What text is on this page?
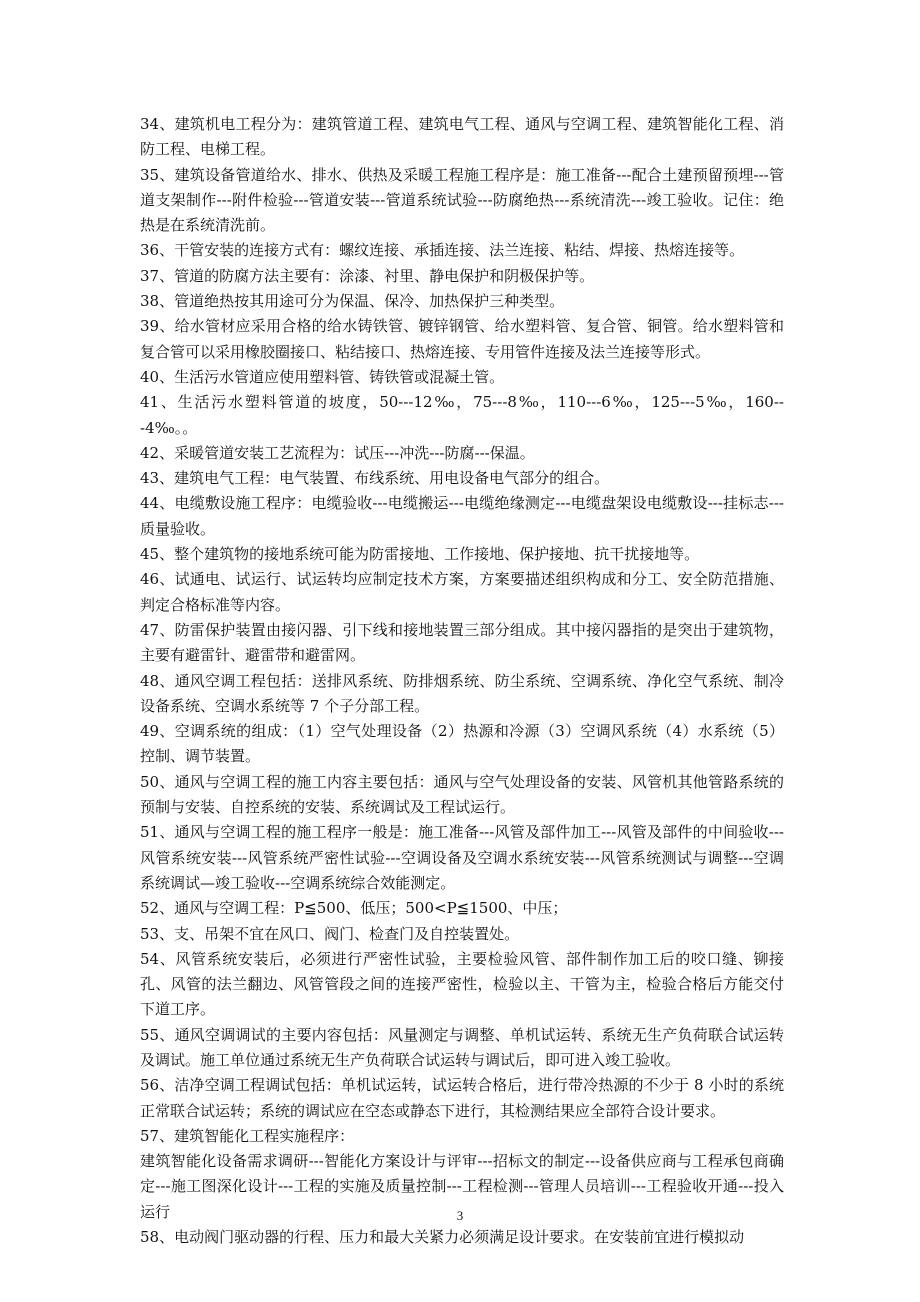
34、建筑机电工程分为：建筑管道工程、建筑电气工程、通风与空调工程、建筑智能化工程、消防工程、电梯工程。

35、建筑设备管道给水、排水、供热及采暖工程施工程序是：施工准备---配合土建预留预埋---管道支架制作---附件检验---管道安装---管道系统试验---防腐绝热---系统清洗---竣工验收。记住：绝热是在系统清洗前。

36、干管安装的连接方式有：螺纹连接、承插连接、法兰连接、粘结、焊接、热熔连接等。

37、管道的防腐方法主要有：涂漆、衬里、静电保护和阴极保护等。

38、管道绝热按其用途可分为保温、保冷、加热保护三种类型。

39、给水管材应采用合格的给水铸铁管、镀锌钢管、给水塑料管、复合管、铜管。给水塑料管和复合管可以采用橡胶圈接口、粘结接口、热熔连接、专用管件连接及法兰连接等形式。

40、生活污水管道应使用塑料管、铸铁管或混凝土管。

41、生活污水塑料管道的坡度，50---12‰，75---8‰，110---6‰，125---5‰，160---4‰。。

42、采暖管道安装工艺流程为：试压---冲洗---防腐---保温。

43、建筑电气工程：电气装置、布线系统、用电设备电气部分的组合。

44、电缆敷设施工程序：电缆验收---电缆搬运---电缆绝缘测定---电缆盘架设电缆敷设---挂标志---质量验收。

45、整个建筑物的接地系统可能为防雷接地、工作接地、保护接地、抗干扰接地等。

46、试通电、试运行、试运转均应制定技术方案，方案要描述组织构成和分工、安全防范措施、判定合格标准等内容。

47、防雷保护装置由接闪器、引下线和接地装置三部分组成。其中接闪器指的是突出于建筑物，主要有避雷针、避雷带和避雷网。

48、通风空调工程包括：送排风系统、防排烟系统、防尘系统、空调系统、净化空气系统、制冷设备系统、空调水系统等 7 个子分部工程。

49、空调系统的组成：（1）空气处理设备（2）热源和冷源（3）空调风系统（4）水系统（5）控制、调节装置。

50、通风与空调工程的施工内容主要包括：通风与空气处理设备的安装、风管机其他管路系统的预制与安装、自控系统的安装、系统调试及工程试运行。

51、通风与空调工程的施工程序一般是：施工准备---风管及部件加工---风管及部件的中间验收---风管系统安装---风管系统严密性试验---空调设备及空调水系统安装---风管系统测试与调整---空调系统调试—竣工验收---空调系统综合效能测定。

52、通风与空调工程：P≦500、低压；500<P≦1500、中压；

53、支、吊架不宜在风口、阀门、检查门及自控装置处。

54、风管系统安装后，必须进行严密性试验，主要检验风管、部件制作加工后的咬口缝、铆接孔、风管的法兰翻边、风管管段之间的连接严密性，检验以主、干管为主，检验合格后方能交付下道工序。

55、通风空调调试的主要内容包括：风量测定与调整、单机试运转、系统无生产负荷联合试运转及调试。施工单位通过系统无生产负荷联合试运转与调试后，即可进入竣工验收。

56、洁净空调工程调试包括：单机试运转，试运转合格后，进行带冷热源的不少于 8 小时的系统正常联合试运转；系统的调试应在空态或静态下进行，其检测结果应全部符合设计要求。

57、建筑智能化工程实施程序：

建筑智能化设备需求调研---智能化方案设计与评审---招标文的制定---设备供应商与工程承包商确定---施工图深化设计---工程的实施及质量控制---工程检测---管理人员培训---工程验收开通---投入运行

58、电动阀门驱动器的行程、压力和最大关紧力必须满足设计要求。在安装前宜进行模拟动

3
